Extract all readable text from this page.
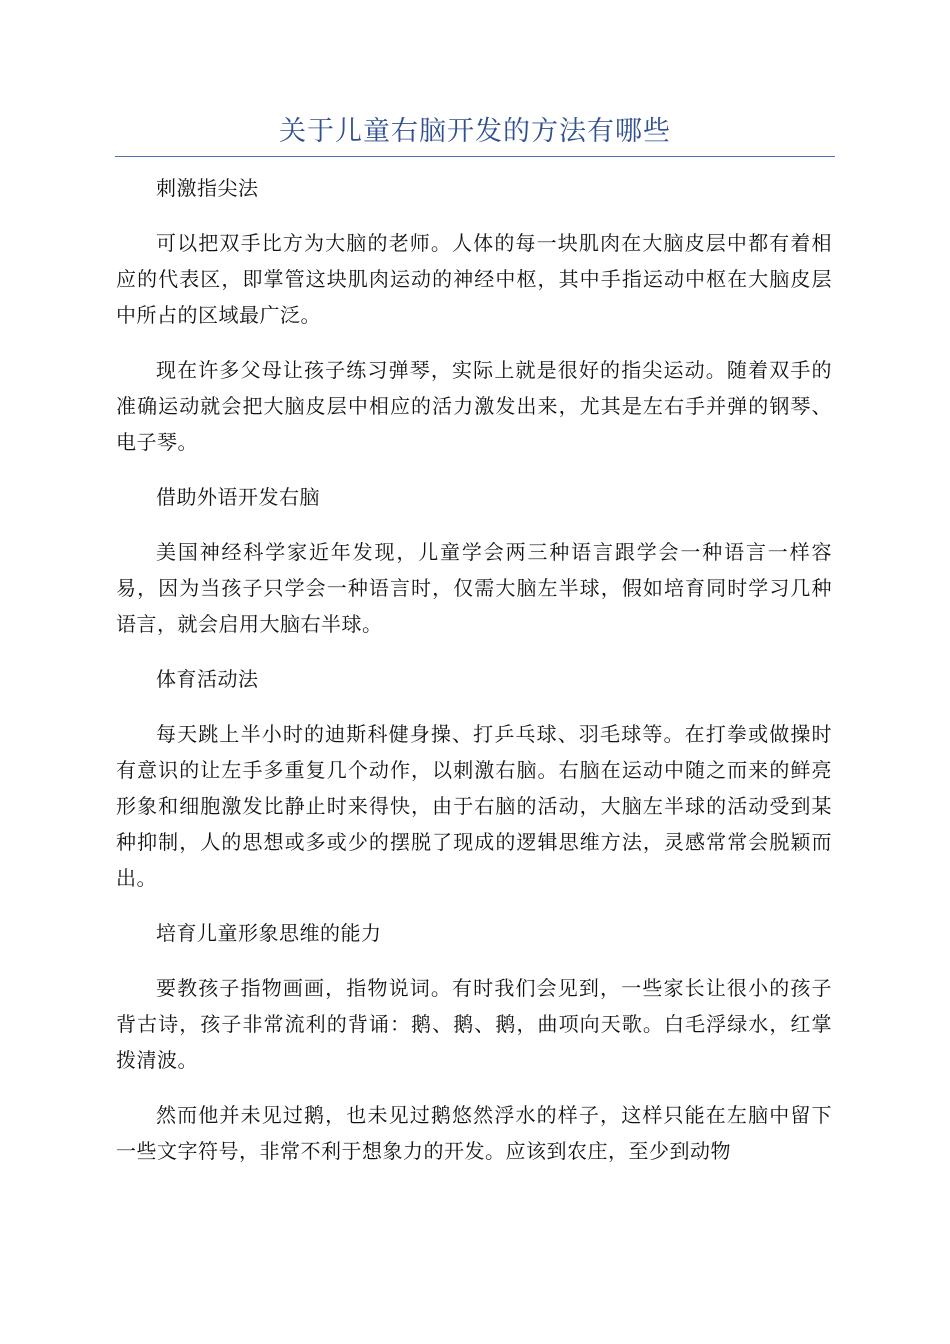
关于儿童右脑开发的方法有哪些

刺激指尖法

可以把双手比方为大脑的老师。人体的每一块肌肉在大脑皮层中都有着相应的代表区，即掌管这块肌肉运动的神经中枢，其中手指运动中枢在大脑皮层中所占的区域最广泛。

现在许多父母让孩子练习弹琴，实际上就是很好的指尖运动。随着双手的准确运动就会把大脑皮层中相应的活力激发出来，尤其是左右手并弹的钢琴、电子琴。

借助外语开发右脑

美国神经科学家近年发现，儿童学会两三种语言跟学会一种语言一样容易，因为当孩子只学会一种语言时，仅需大脑左半球，假如培育同时学习几种语言，就会启用大脑右半球。

体育活动法

每天跳上半小时的迪斯科健身操、打乒乓球、羽毛球等。在打拳或做操时有意识的让左手多重复几个动作，以刺激右脑。右脑在运动中随之而来的鲜亮形象和细胞激发比静止时来得快，由于右脑的活动，大脑左半球的活动受到某种抑制，人的思想或多或少的摆脱了现成的逻辑思维方法，灵感常常会脱颖而出。

培育儿童形象思维的能力

要教孩子指物画画，指物说词。有时我们会见到，一些家长让很小的孩子背古诗，孩子非常流利的背诵：鹅、鹅、鹅，曲项向天歌。白毛浮绿水，红掌拨清波。

然而他并未见过鹅，也未见过鹅悠然浮水的样子，这样只能在左脑中留下一些文字符号，非常不利于想象力的开发。应该到农庄，至少到动物
